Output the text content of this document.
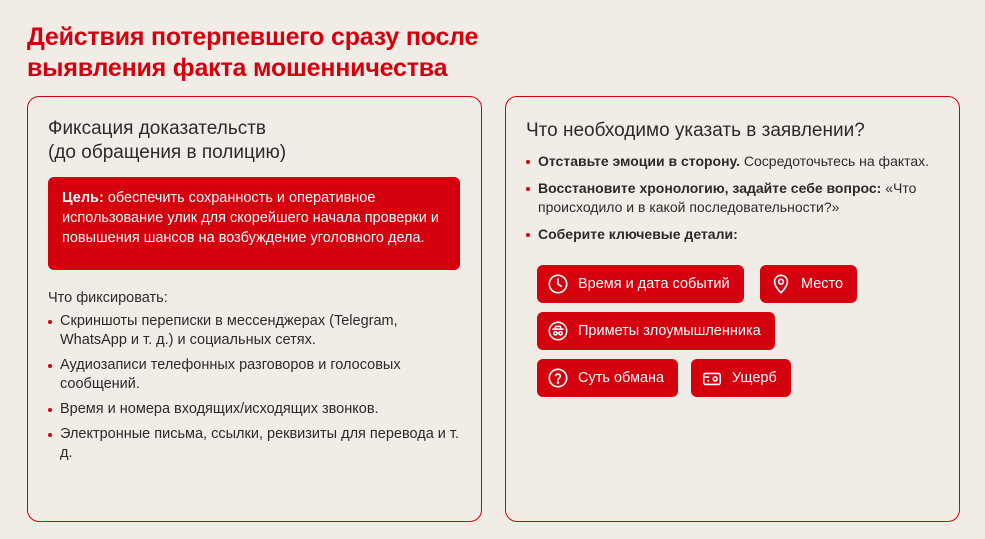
Действия потерпевшего сразу после
выявления факта мошенничества
Фиксация доказательств
(до обращения в полицию)
Цель: обеспечить сохранность и оперативное использование улик для скорейшего начала проверки и повышения шансов на возбуждение уголовного дела.
Что фиксировать:
Скриншоты переписки в мессенджерах (Telegram, WhatsApp и т. д.) и социальных сетях.
Аудиозаписи телефонных разговоров и голосовых сообщений.
Время и номера входящих/исходящих звонков.
Электронные письма, ссылки, реквизиты для перевода и т. д.
Что необходимо указать в заявлении?
Отставьте эмоции в сторону. Сосредоточьтесь на фактах.
Восстановите хронологию, задайте себе вопрос: «Что происходило и в какой последовательности?»
Соберите ключевые детали:
Время и дата событий	Место
Приметы злоумышленника
Суть обмана	Ущерб
